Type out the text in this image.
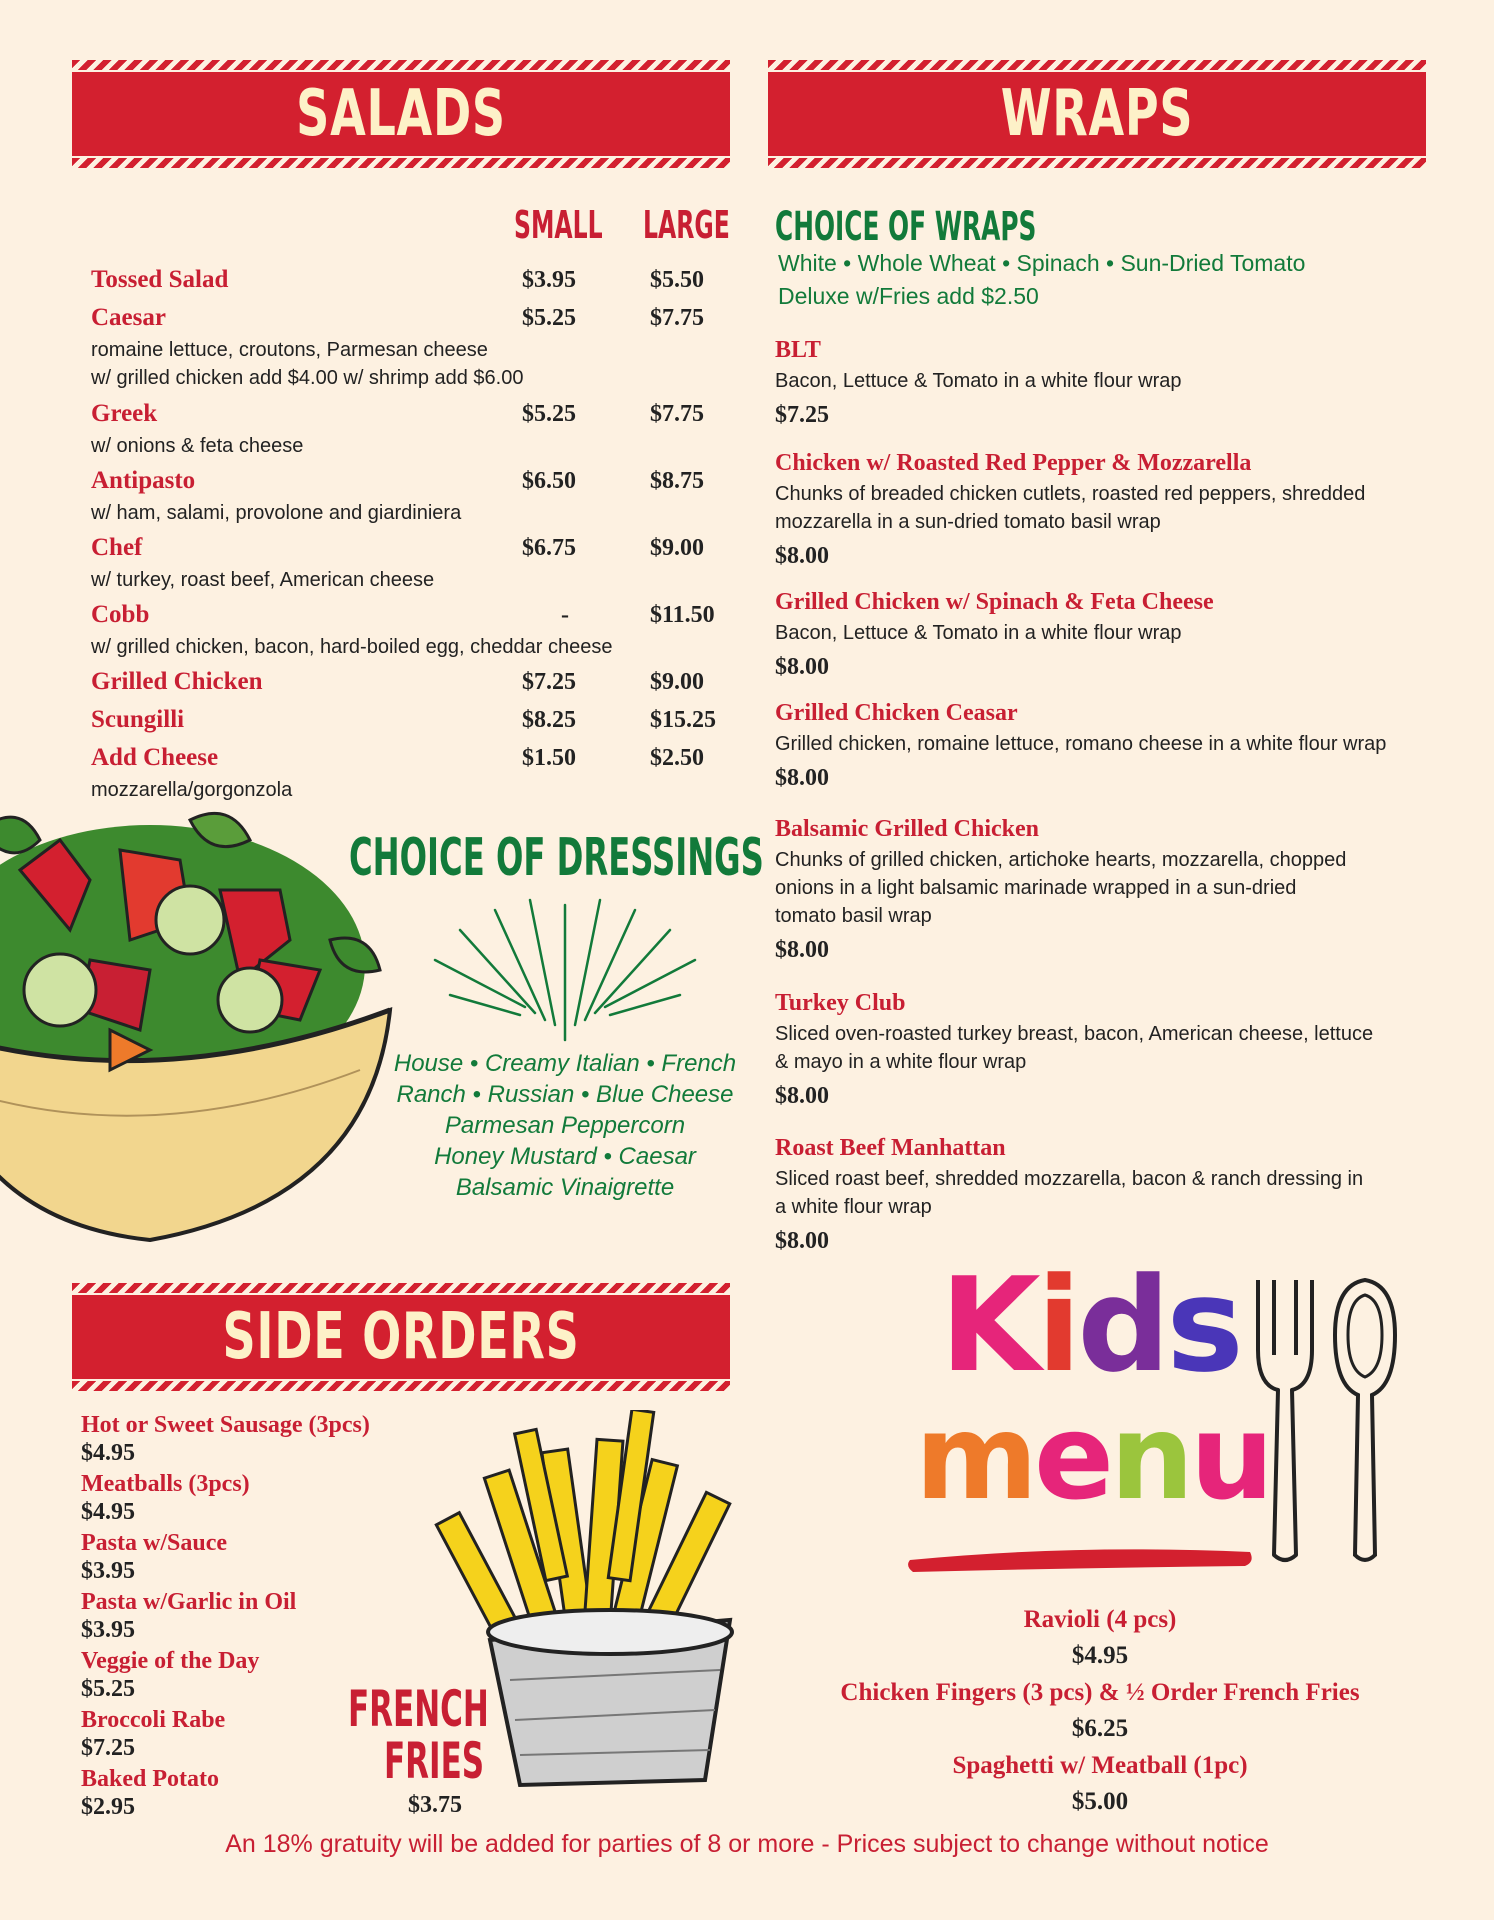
SALADS
SMALL LARGE
Tossed Salad	$3.95	$5.50
Caesar	$5.25	$7.75
romaine lettuce, croutons, Parmesan cheese
w/ grilled chicken add $4.00 w/ shrimp add $6.00
Greek	$5.25	$7.75
w/ onions & feta cheese
Antipasto	$6.50	$8.75
w/ ham, salami, provolone and giardiniera
Chef	$6.75	$9.00
w/ turkey, roast beef, American cheese
Cobb	-	$11.50
w/ grilled chicken, bacon, hard-boiled egg, cheddar cheese
Grilled Chicken	$7.25	$9.00
Scungilli	$8.25	$15.25
Add Cheese	$1.50	$2.50
mozzarella/gorgonzola
CHOICE OF DRESSINGS
House • Creamy Italian • French
Ranch • Russian • Blue Cheese
Parmesan Peppercorn
Honey Mustard • Caesar
Balsamic Vinaigrette
WRAPS
CHOICE OF WRAPS
White • Whole Wheat • Spinach • Sun-Dried Tomato
Deluxe w/Fries add $2.50
BLT
Bacon, Lettuce & Tomato in a white flour wrap
$7.25
Chicken w/ Roasted Red Pepper & Mozzarella
Chunks of breaded chicken cutlets, roasted red peppers, shredded
mozzarella in a sun-dried tomato basil wrap
$8.00
Grilled Chicken w/ Spinach & Feta Cheese
Bacon, Lettuce & Tomato in a white flour wrap
$8.00
Grilled Chicken Ceasar
Grilled chicken, romaine lettuce, romano cheese in a white flour wrap
$8.00
Balsamic Grilled Chicken
Chunks of grilled chicken, artichoke hearts, mozzarella, chopped
onions in a light balsamic marinade wrapped in a sun-dried
tomato basil wrap
$8.00
Turkey Club
Sliced oven-roasted turkey breast, bacon, American cheese, lettuce
& mayo in a white flour wrap
$8.00
Roast Beef Manhattan
Sliced roast beef, shredded mozzarella, bacon & ranch dressing in
a white flour wrap
$8.00
SIDE ORDERS
Hot or Sweet Sausage (3pcs)
$4.95
Meatballs (3pcs)
$4.95
Pasta w/Sauce
$3.95
Pasta w/Garlic in Oil
$3.95
Veggie of the Day
$5.25
Broccoli Rabe
$7.25
Baked Potato
$2.95
FRENCH
FRIES
$3.75
Kids
menu
Ravioli (4 pcs)
$4.95
Chicken Fingers (3 pcs) & ½ Order French Fries
$6.25
Spaghetti w/ Meatball (1pc)
$5.00
An 18% gratuity will be added for parties of 8 or more - Prices subject to change without notice
